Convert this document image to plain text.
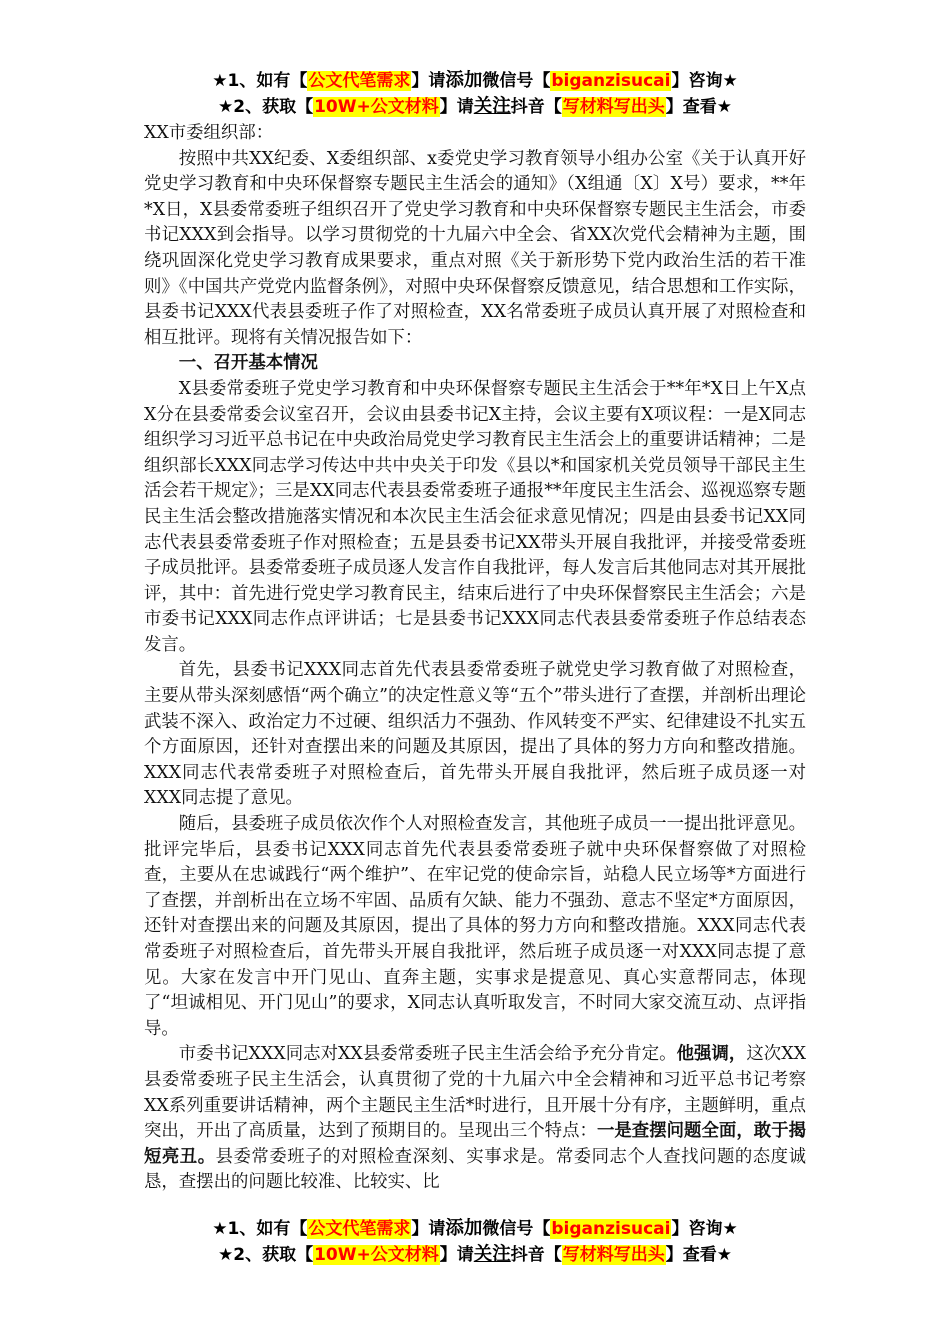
★1、如有【公文代笔需求】请添加微信号【biganzisucai】咨询★
★2、获取【10W+公文材料】请关注抖音【写材料写出头】查看★

XX市委组织部：

按照中共XX纪委、X委组织部、x委党史学习教育领导小组办公室《关于认真开好党史学习教育和中央环保督察专题民主生活会的通知》（X组通〔X〕X号）要求，**年*X日，X县委常委班子组织召开了党史学习教育和中央环保督察专题民主生活会，市委书记XXX到会指导。以学习贯彻党的十九届六中全会、省XX次党代会精神为主题，围绕巩固深化党史学习教育成果要求，重点对照《关于新形势下党内政治生活的若干准则》《中国共产党党内监督条例》，对照中央环保督察反馈意见，结合思想和工作实际，县委书记XXX代表县委班子作了对照检查，XX名常委班子成员认真开展了对照检查和相互批评。现将有关情况报告如下：

一、召开基本情况

X县委常委班子党史学习教育和中央环保督察专题民主生活会于**年*X日上午X点X分在县委常委会议室召开，会议由县委书记X主持，会议主要有X项议程：一是X同志组织学习习近平总书记在中央政治局党史学习教育民主生活会上的重要讲话精神；二是组织部长XXX同志学习传达中共中央关于印发《县以*和国家机关党员领导干部民主生活会若干规定》；三是XX同志代表县委常委班子通报**年度民主生活会、巡视巡察专题民主生活会整改措施落实情况和本次民主生活会征求意见情况；四是由县委书记XX同志代表县委常委班子作对照检查；五是县委书记XX带头开展自我批评，并接受常委班子成员批评。县委常委班子成员逐人发言作自我批评，每人发言后其他同志对其开展批评，其中：首先进行党史学习教育民主，结束后进行了中央环保督察民主生活会；六是市委书记XXX同志作点评讲话；七是县委书记XXX同志代表县委常委班子作总结表态发言。

首先，县委书记XXX同志首先代表县委常委班子就党史学习教育做了对照检查，主要从带头深刻感悟“两个确立”的决定性意义等“五个”带头进行了查摆，并剖析出理论武装不深入、政治定力不过硬、组织活力不强劲、作风转变不严实、纪律建设不扎实五个方面原因，还针对查摆出来的问题及其原因，提出了具体的努力方向和整改措施。XXX同志代表常委班子对照检查后，首先带头开展自我批评，然后班子成员逐一对XXX同志提了意见。

随后，县委班子成员依次作个人对照检查发言，其他班子成员一一提出批评意见。批评完毕后，县委书记XXX同志首先代表县委常委班子就中央环保督察做了对照检查，主要从在忠诚践行“两个维护”、在牢记党的使命宗旨，站稳人民立场等*方面进行了查摆，并剖析出在立场不牢固、品质有欠缺、能力不强劲、意志不坚定*方面原因，还针对查摆出来的问题及其原因，提出了具体的努力方向和整改措施。XXX同志代表常委班子对照检查后，首先带头开展自我批评，然后班子成员逐一对XXX同志提了意见。大家在发言中开门见山、直奔主题，实事求是提意见、真心实意帮同志，体现了“坦诚相见、开门见山”的要求，X同志认真听取发言，不时同大家交流互动、点评指导。

市委书记XXX同志对XX县委常委班子民主生活会给予充分肯定。他强调，这次XX县委常委班子民主生活会，认真贯彻了党的十九届六中全会精神和习近平总书记考察XX系列重要讲话精神，两个主题民主生活*时进行，且开展十分有序，主题鲜明，重点突出，开出了高质量，达到了预期目的。呈现出三个特点：一是查摆问题全面，敢于揭短亮丑。县委常委班子的对照检查深刻、实事求是。常委同志个人查找问题的态度诚恳，查摆出的问题比较准、比较实、比

★1、如有【公文代笔需求】请添加微信号【biganzisucai】咨询★
★2、获取【10W+公文材料】请关注抖音【写材料写出头】查看★
